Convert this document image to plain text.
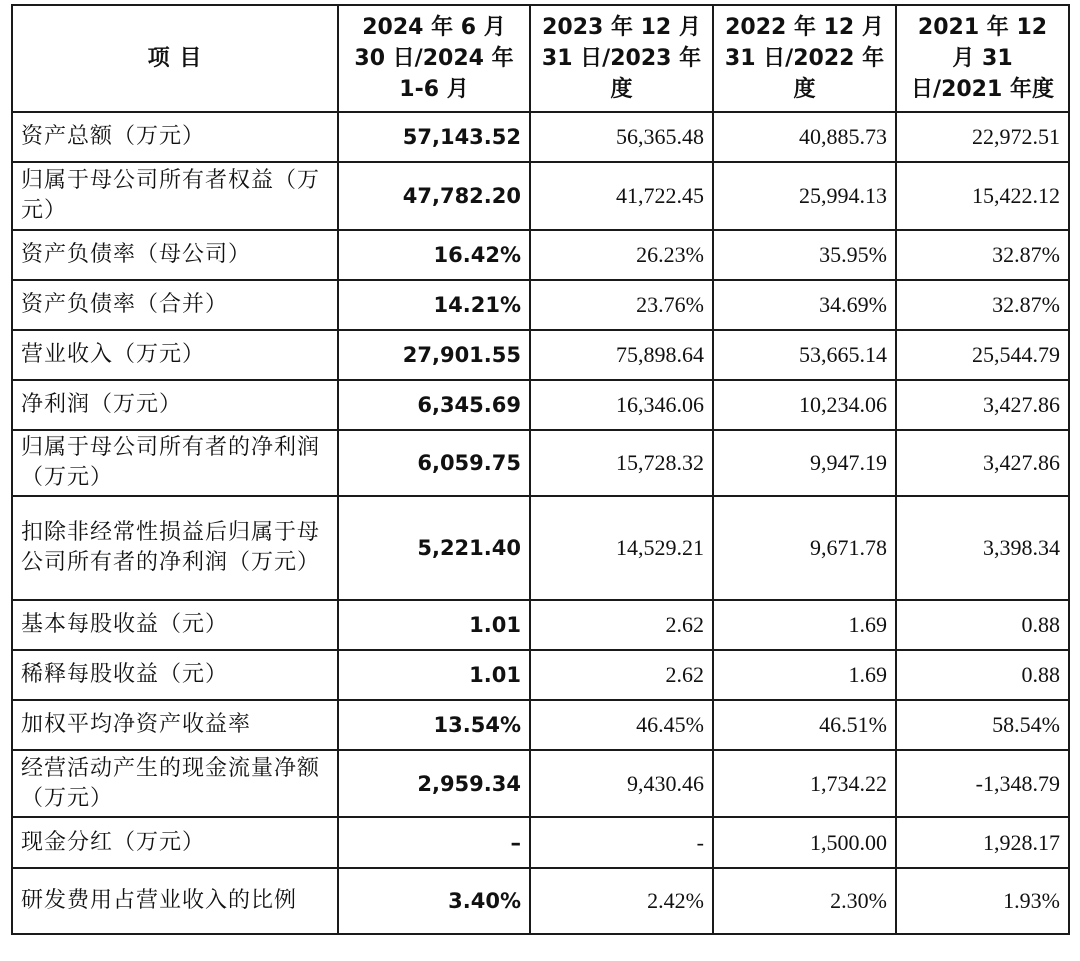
项 目	2024 年 6 月 30 日/2024 年 1-6 月	2023 年 12 月 31 日/2023 年度	2022 年 12 月 31 日/2022 年度	2021 年 12 月 31 日/2021 年度
资产总额（万元）	57,143.52	56,365.48	40,885.73	22,972.51
归属于母公司所有者权益（万元）	47,782.20	41,722.45	25,994.13	15,422.12
资产负债率（母公司）	16.42%	26.23%	35.95%	32.87%
资产负债率（合并）	14.21%	23.76%	34.69%	32.87%
营业收入（万元）	27,901.55	75,898.64	53,665.14	25,544.79
净利润（万元）	6,345.69	16,346.06	10,234.06	3,427.86
归属于母公司所有者的净利润（万元）	6,059.75	15,728.32	9,947.19	3,427.86
扣除非经常性损益后归属于母公司所有者的净利润（万元）	5,221.40	14,529.21	9,671.78	3,398.34
基本每股收益（元）	1.01	2.62	1.69	0.88
稀释每股收益（元）	1.01	2.62	1.69	0.88
加权平均净资产收益率	13.54%	46.45%	46.51%	58.54%
经营活动产生的现金流量净额（万元）	2,959.34	9,430.46	1,734.22	-1,348.79
现金分红（万元）	–	-	1,500.00	1,928.17
研发费用占营业收入的比例	3.40%	2.42%	2.30%	1.93%
